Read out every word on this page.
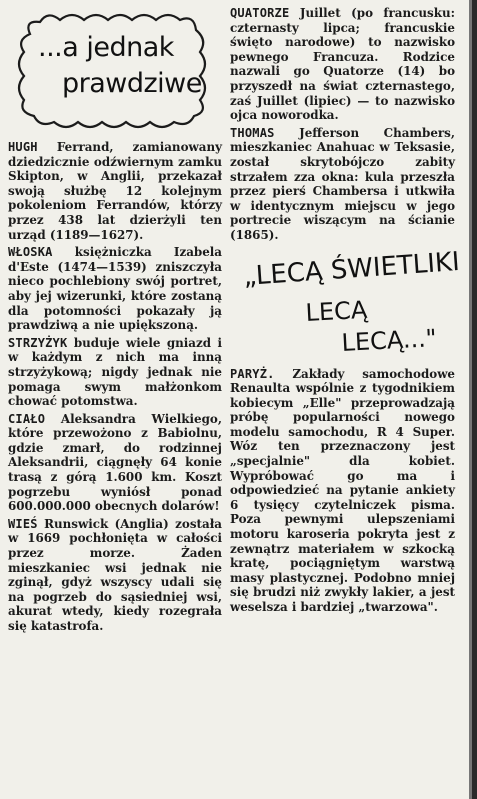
...a jednak
prawdziwe
HUGH Ferrand, zamianowany dziedzicznie odźwiernym zamku Skipton, w Anglii, przekazał swoją służbę 12 kolejnym pokoleniom Ferrandów, którzy przez 438 lat dzierżyli ten urząd (1189—1627).
WŁOSKA księżniczka Izabela d'Este (1474—1539) zniszczyła nieco pochlebiony swój portret, aby jej wizerunki, które zostaną dla potomności pokazały ją prawdziwą a nie upiększoną.
STRZYŻYK buduje wiele gniazd i w każdym z nich ma inną strzyżykową; nigdy jednak nie pomaga swym małżonkom chować potomstwa.
CIAŁO Aleksandra Wielkiego, które przewożono z Babiolnu, gdzie zmarł, do rodzinnej Aleksandrii, ciągnęły 64 konie trasą z górą 1.600 km. Koszt pogrzebu wyniósł ponad 600.000.000 obecnych dolarów!
WIEŚ Runswick (Anglia) została w 1669 pochłonięta w całości przez morze. Żaden mieszkaniec wsi jednak nie zginął, gdyż wszyscy udali się na pogrzeb do sąsiedniej wsi, akurat wtedy, kiedy rozegrała się katastrofa.
QUATORZE Juillet (po francusku: czternasty lipca; francuskie święto narodowe) to nazwisko pewnego Francuza. Rodzice nazwali go Quatorze (14) bo przyszedł na świat czternastego, zaś Juillet (lipiec) — to nazwisko ojca noworodka.
THOMAS Jefferson Chambers, mieszkaniec Anahuac w Teksasie, został skrytobójczo zabity strzałem zza okna: kula przeszła przez pierś Chambersa i utkwiła w identycznym miejscu w jego portrecie wiszącym na ścianie (1865).
„LECĄ ŚWIETLIKI
LECĄ
LECĄ..."
PARYŻ. Zakłady samochodowe Renaulta wspólnie z tygodnikiem kobiecym „Elle" przeprowadzają próbę popularności nowego modelu samochodu, R 4 Super. Wóz ten przeznaczony jest „specjalnie" dla kobiet. Wypróbować go ma i odpowiedzieć na pytanie ankiety 6 tysięcy czytelniczek pisma. Poza pewnymi ulepszeniami motoru karoseria pokryta jest z zewnątrz materiałem w szkocką kratę, pociągniętym warstwą masy plastycznej. Podobno mniej się brudzi niż zwykły lakier, a jest weselsza i bardziej „twarzowa".
